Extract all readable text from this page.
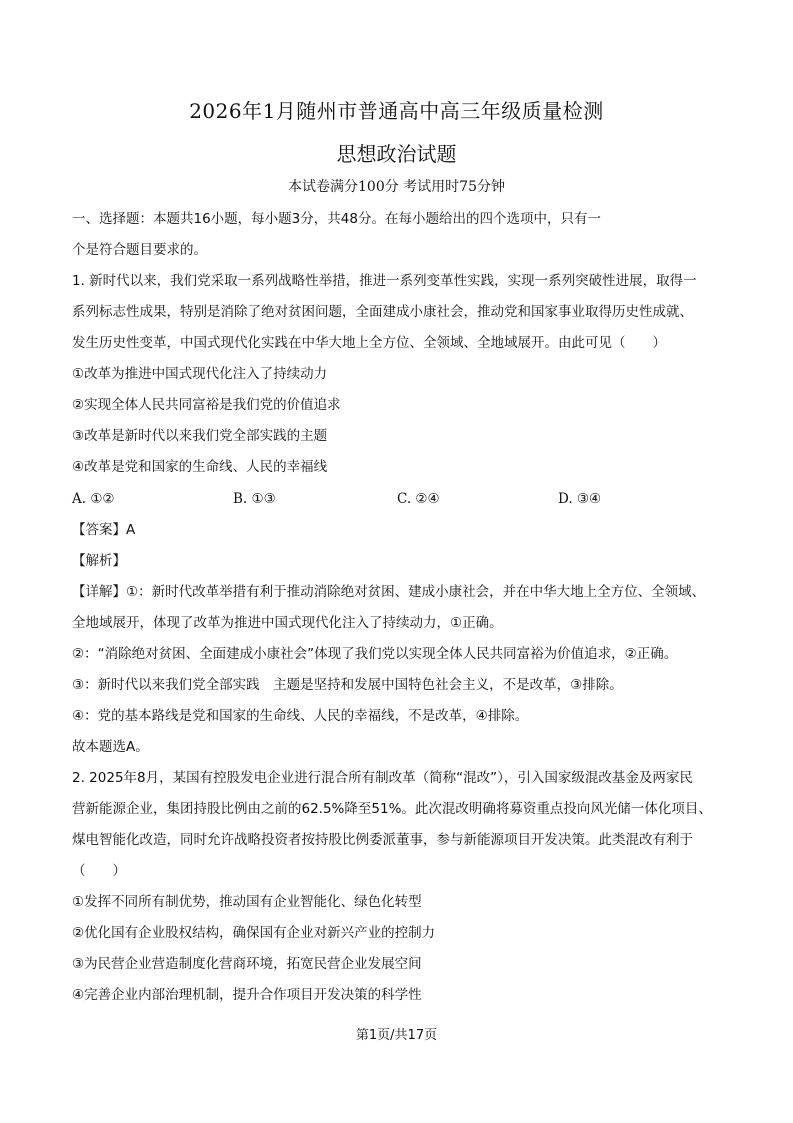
2026年1月随州市普通高中高三年级质量检测
思想政治试题
本试卷满分100分 考试用时75分钟
一、选择题：本题共16小题，每小题3分，共48分。在每小题给出的四个选项中，只有一
个是符合题目要求的。
1. 新时代以来，我们党采取一系列战略性举措，推进一系列变革性实践，实现一系列突破性进展，取得一
系列标志性成果，特别是消除了绝对贫困问题，全面建成小康社会，推动党和国家事业取得历史性成就、
发生历史性变革，中国式现代化实践在中华大地上全方位、全领域、全地域展开。由此可见（　　）
①改革为推进中国式现代化注入了持续动力
②实现全体人民共同富裕是我们党的价值追求
③改革是新时代以来我们党全部实践的主题
④改革是党和国家的生命线、人民的幸福线
A. ①②	B. ①③	C. ②④	D. ③④
【答案】A
【解析】
【详解】①：新时代改革举措有利于推动消除绝对贫困、建成小康社会，并在中华大地上全方位、全领域、
全地域展开，体现了改革为推进中国式现代化注入了持续动力，①正确。
②：“消除绝对贫困、全面建成小康社会”体现了我们党以实现全体人民共同富裕为价值追求，②正确。
③：新时代以来我们党全部实践　主题是坚持和发展中国特色社会主义，不是改革，③排除。
④：党的基本路线是党和国家的生命线、人民的幸福线，不是改革，④排除。
故本题选A。
2. 2025年8月，某国有控股发电企业进行混合所有制改革（简称“混改”），引入国家级混改基金及两家民
营新能源企业，集团持股比例由之前的62.5%降至51%。此次混改明确将募资重点投向风光储一体化项目、
煤电智能化改造，同时允许战略投资者按持股比例委派董事，参与新能源项目开发决策。此类混改有利于
（　　）
①发挥不同所有制优势，推动国有企业智能化、绿色化转型
②优化国有企业股权结构，确保国有企业对新兴产业的控制力
③为民营企业营造制度化营商环境，拓宽民营企业发展空间
④完善企业内部治理机制，提升合作项目开发决策的科学性
第1页/共17页
